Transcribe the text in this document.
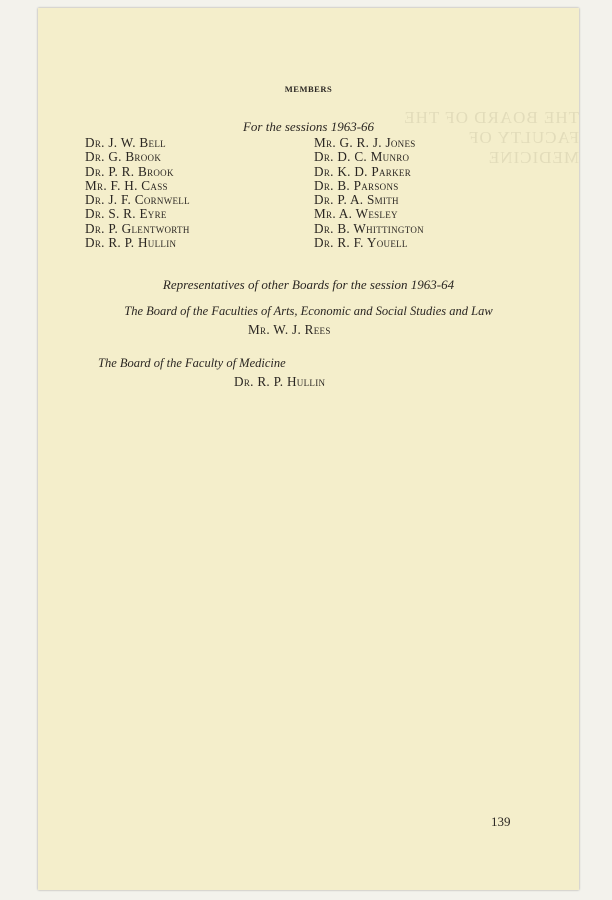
THE BOARD OF THE FACULTY OF MEDICINE
MEMBERS
For the sessions 1963-66
Dr. J. W. Bell
Dr. G. Brook
Dr. P. R. Brook
Mr. F. H. Cass
Dr. J. F. Cornwell
Dr. S. R. Eyre
Dr. P. Glentworth
Dr. R. P. Hullin
Mr. G. R. J. Jones
Dr. D. C. Munro
Dr. K. D. Parker
Dr. B. Parsons
Dr. P. A. Smith
Mr. A. Wesley
Dr. B. Whittington
Dr. R. F. Youell
Representatives of other Boards for the session 1963-64
The Board of the Faculties of Arts, Economic and Social Studies and Law
Mr. W. J. Rees
The Board of the Faculty of Medicine
Dr. R. P. Hullin
139
